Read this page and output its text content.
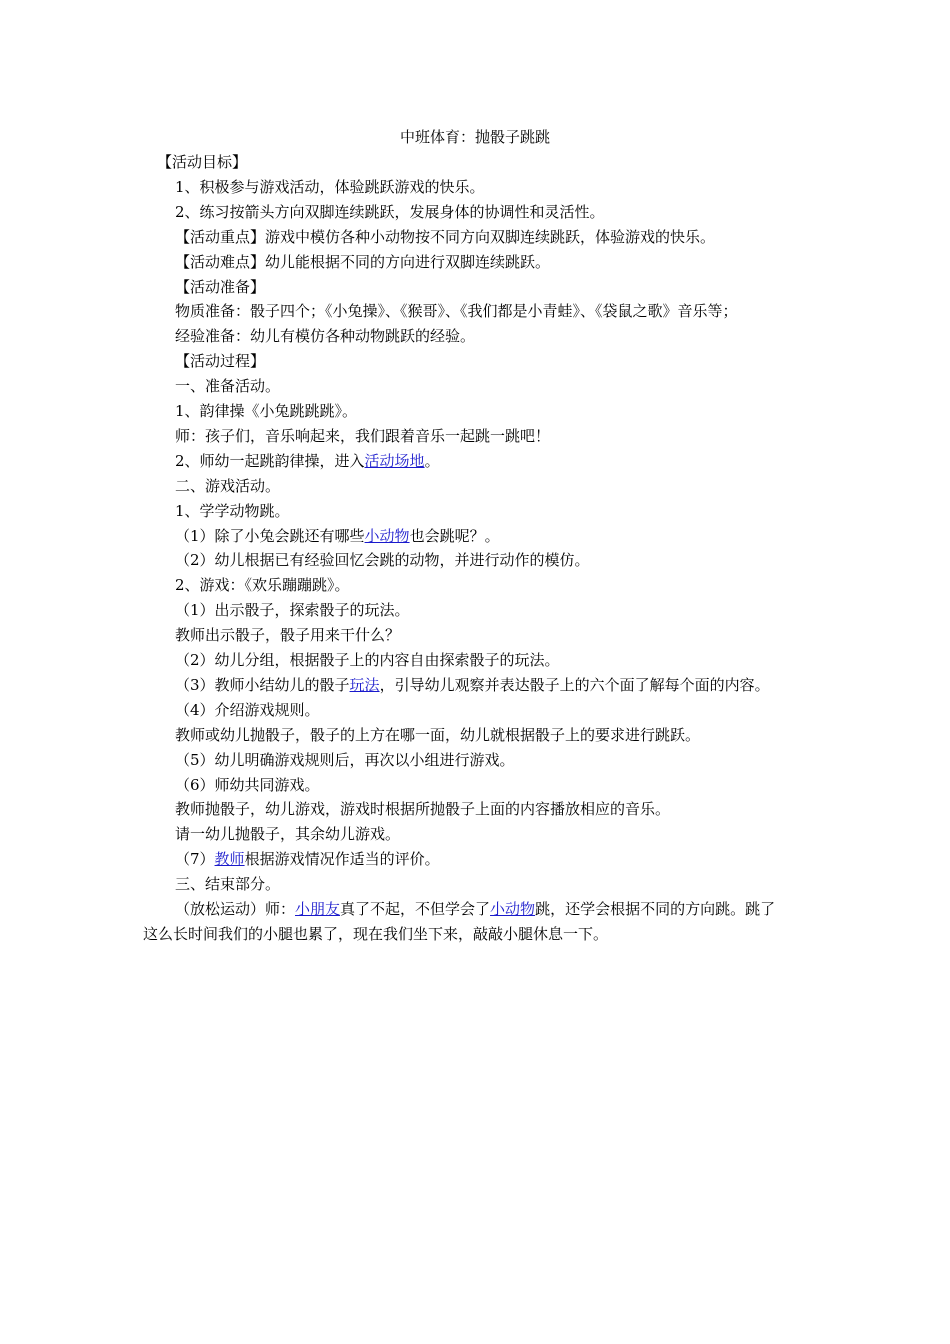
中班体育：抛骰子跳跳
【活动目标】
1、积极参与游戏活动，体验跳跃游戏的快乐。
2、练习按箭头方向双脚连续跳跃，发展身体的协调性和灵活性。
【活动重点】游戏中模仿各种小动物按不同方向双脚连续跳跃，体验游戏的快乐。
【活动难点】幼儿能根据不同的方向进行双脚连续跳跃。
【活动准备】
物质准备：骰子四个；《小兔操》、《猴哥》、《我们都是小青蛙》、《袋鼠之歌》音乐等；
经验准备：幼儿有模仿各种动物跳跃的经验。
【活动过程】
一、准备活动。
1、韵律操《小兔跳跳跳》。
师：孩子们，音乐响起来，我们跟着音乐一起跳一跳吧！
2、师幼一起跳韵律操，进入活动场地。
二、游戏活动。
1、学学动物跳。
（1）除了小兔会跳还有哪些小动物也会跳呢？。
（2）幼儿根据已有经验回忆会跳的动物，并进行动作的模仿。
2、游戏：《欢乐蹦蹦跳》。
（1）出示骰子，探索骰子的玩法。
教师出示骰子，骰子用来干什么？
（2）幼儿分组，根据骰子上的内容自由探索骰子的玩法。
（3）教师小结幼儿的骰子玩法，引导幼儿观察并表达骰子上的六个面了解每个面的内容。
（4）介绍游戏规则。
教师或幼儿抛骰子，骰子的上方在哪一面，幼儿就根据骰子上的要求进行跳跃。
（5）幼儿明确游戏规则后，再次以小组进行游戏。
（6）师幼共同游戏。
教师抛骰子，幼儿游戏，游戏时根据所抛骰子上面的内容播放相应的音乐。
请一幼儿抛骰子，其余幼儿游戏。
（7）教师根据游戏情况作适当的评价。
三、结束部分。
（放松运动）师：小朋友真了不起，不但学会了小动物跳，还学会根据不同的方向跳。跳了
这么长时间我们的小腿也累了，现在我们坐下来，敲敲小腿休息一下。
